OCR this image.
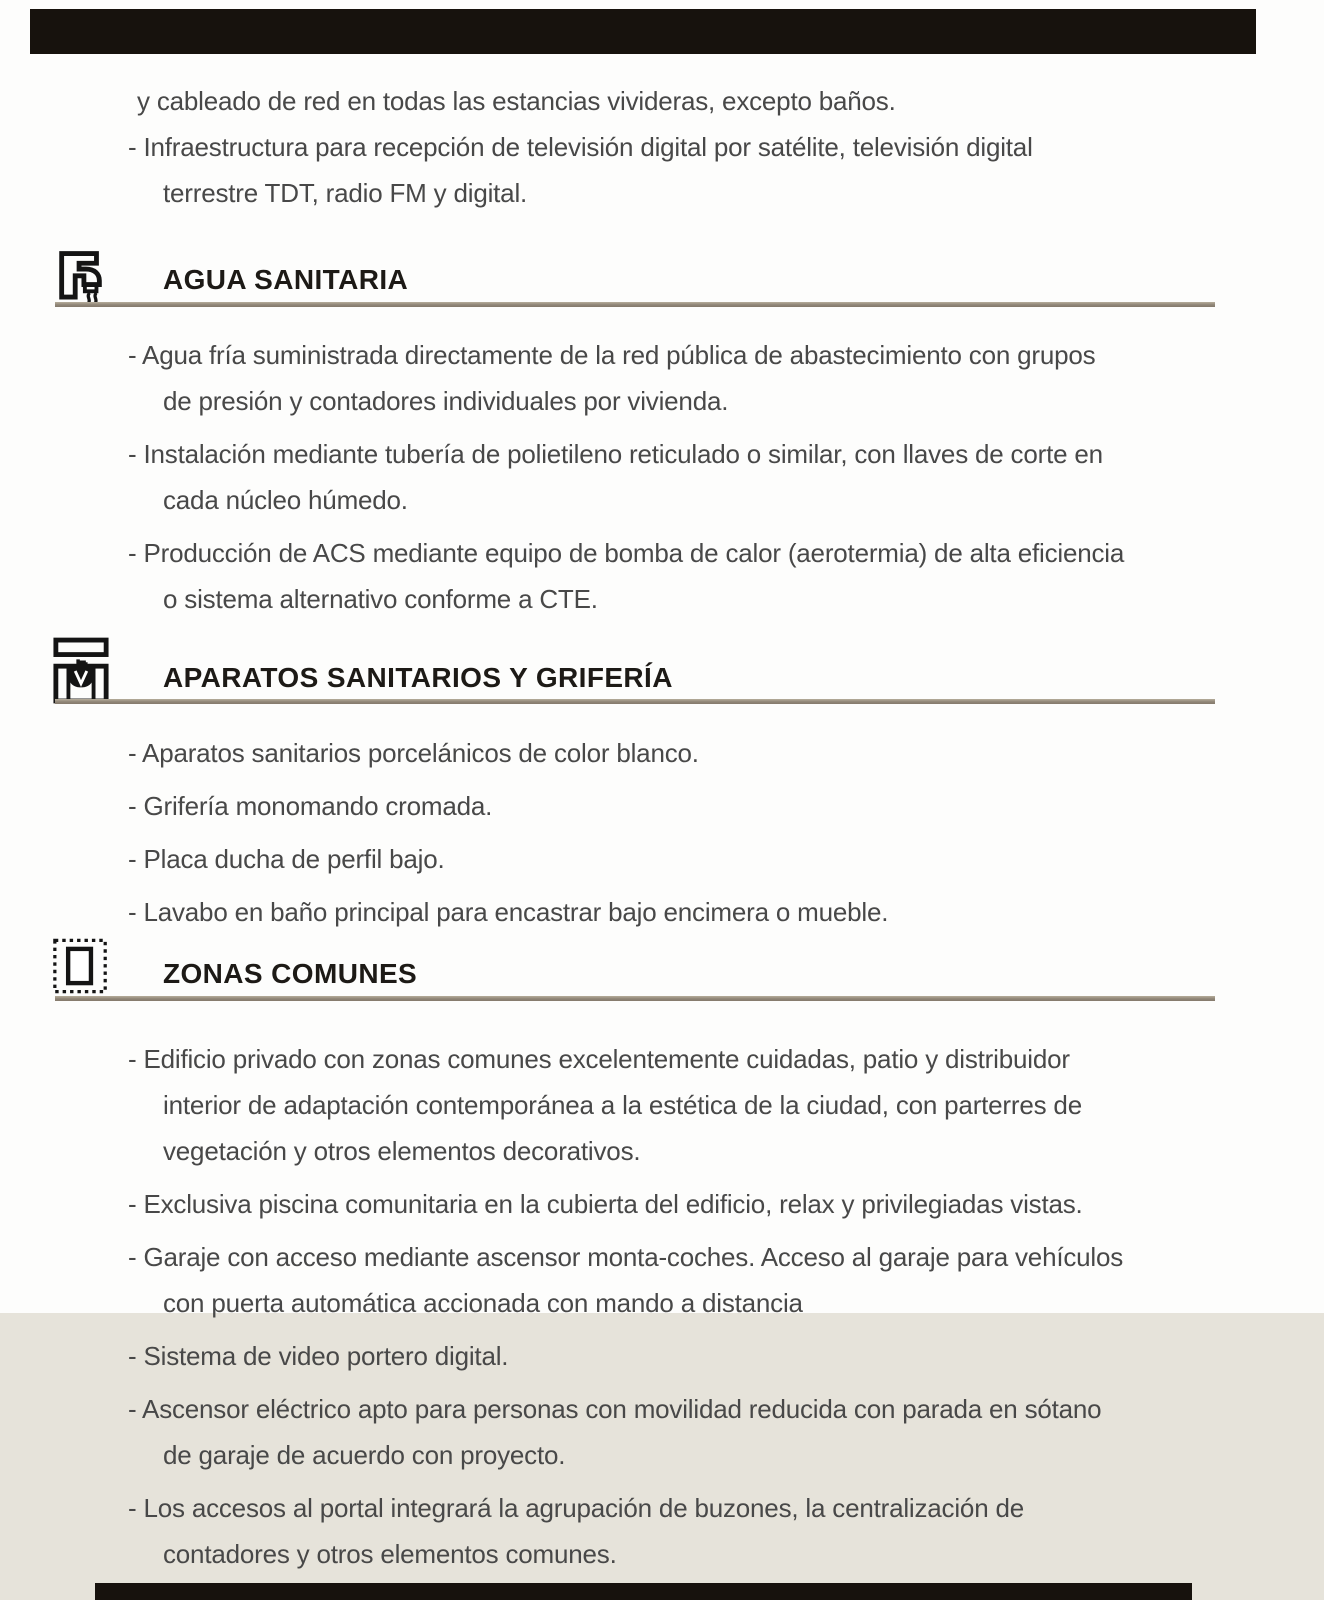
y cableado de red en todas las estancias vivideras, excepto baños.
- Infraestructura para recepción de televisión digital por satélite, televisión digital
terrestre TDT, radio FM y digital.
AGUA SANITARIA
- Agua fría suministrada directamente de la red pública de abastecimiento con grupos
de presión y contadores individuales por vivienda.
- Instalación mediante tubería de polietileno reticulado o similar, con llaves de corte en
cada núcleo húmedo.
- Producción de ACS mediante equipo de bomba de calor (aerotermia) de alta eficiencia
o sistema alternativo conforme a CTE.
APARATOS SANITARIOS Y GRIFERÍA
- Aparatos sanitarios porcelánicos de color blanco.
- Grifería monomando cromada.
- Placa ducha de perfil bajo.
- Lavabo en baño principal para encastrar bajo encimera o mueble.
ZONAS COMUNES
- Edificio privado con zonas comunes excelentemente cuidadas, patio y distribuidor
interior de adaptación contemporánea a la estética de la ciudad, con parterres de
vegetación y otros elementos decorativos.
- Exclusiva piscina comunitaria en la cubierta del edificio, relax y privilegiadas vistas.
- Garaje con acceso mediante ascensor monta-coches. Acceso al garaje para vehículos
con puerta automática accionada con mando a distancia
- Sistema de video portero digital.
- Ascensor eléctrico apto para personas con movilidad reducida con parada en sótano
de garaje de acuerdo con proyecto.
- Los accesos al portal integrará la agrupación de buzones, la centralización de
contadores y otros elementos comunes.
